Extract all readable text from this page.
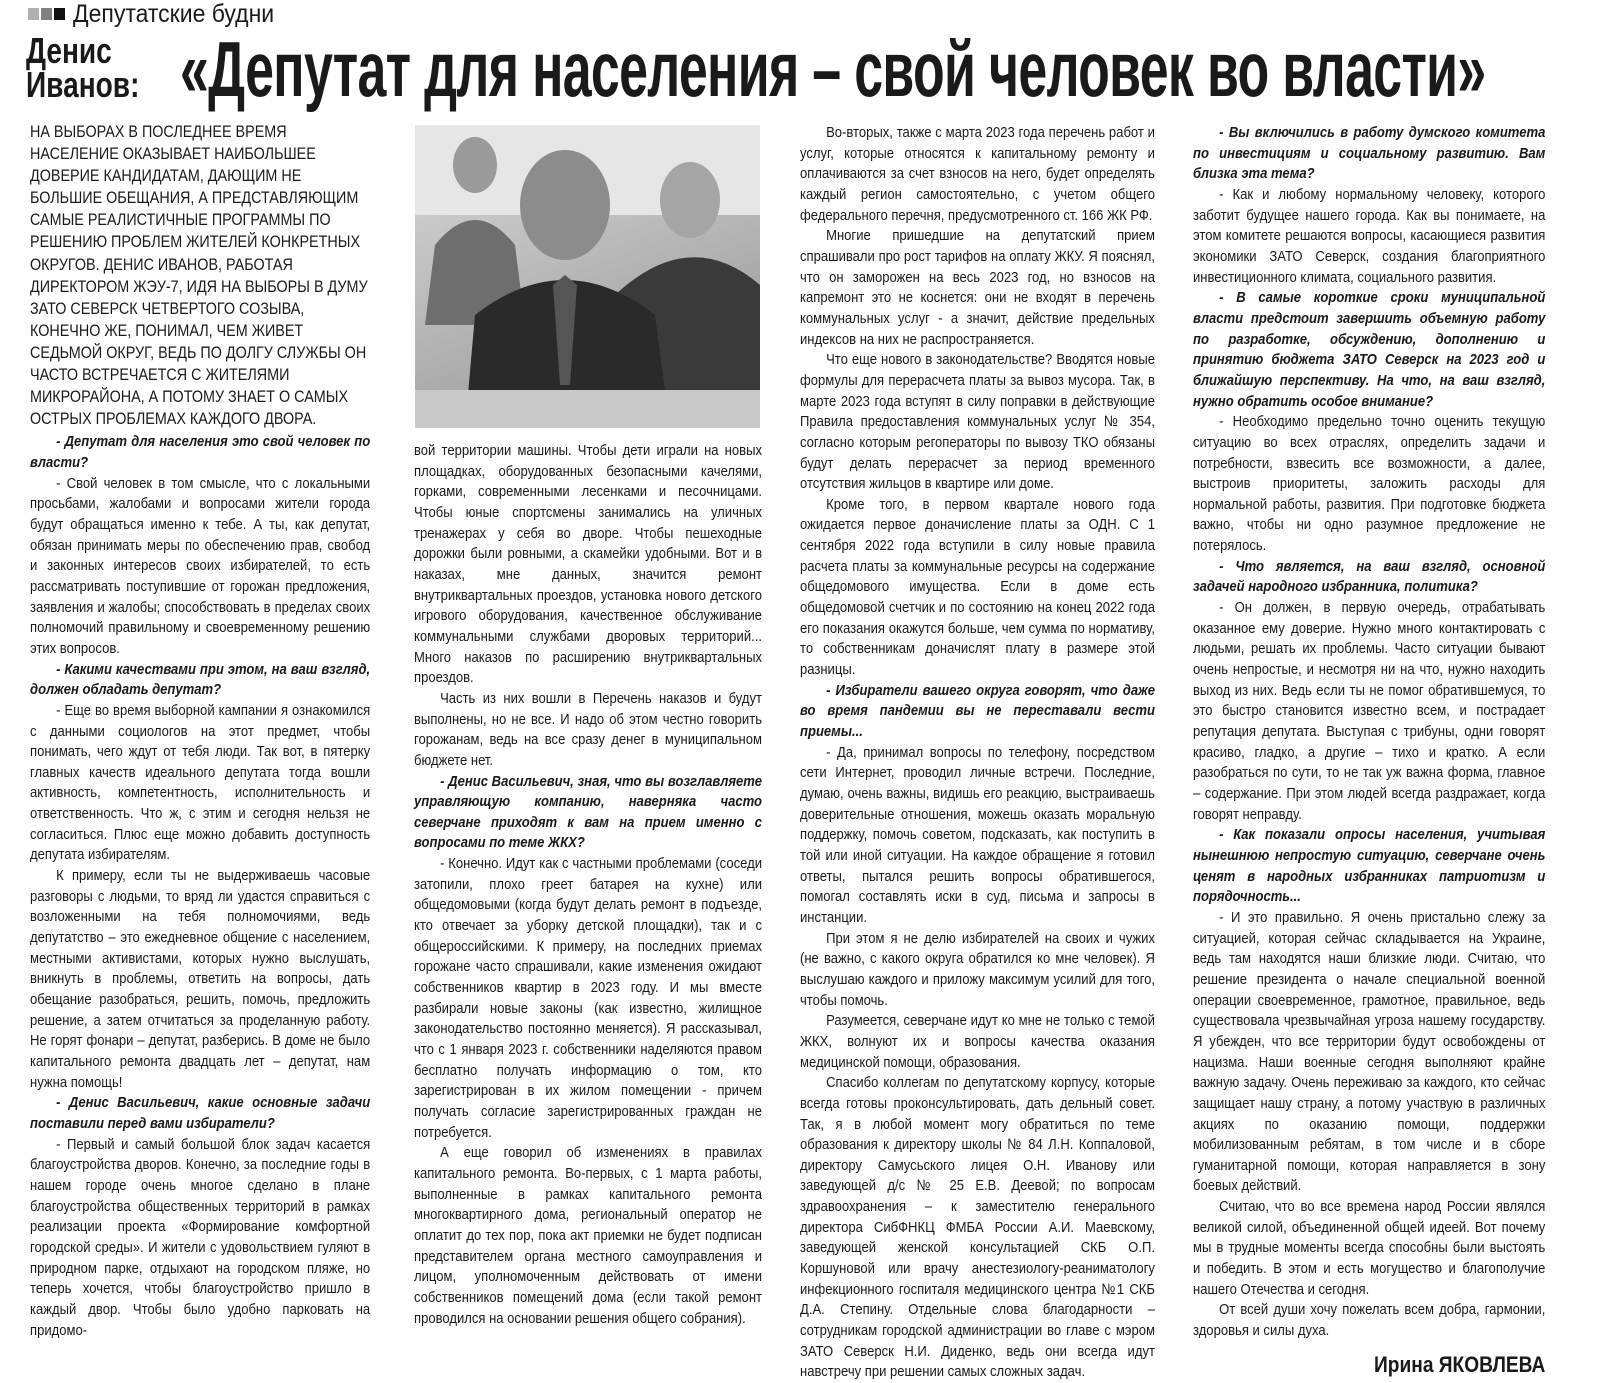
Депутатские будни
Денис
Иванов: «Депутат для населения – свой человек во власти»
НА ВЫБОРАХ В ПОСЛЕДНЕЕ ВРЕМЯ НАСЕЛЕНИЕ ОКАЗЫВАЕТ НАИБОЛЬШЕЕ ДОВЕРИЕ КАНДИДАТАМ, ДАЮЩИМ НЕ БОЛЬШИЕ ОБЕЩАНИЯ, А ПРЕДСТАВЛЯЮЩИМ САМЫЕ РЕАЛИСТИЧНЫЕ ПРОГРАММЫ ПО РЕШЕНИЮ ПРОБЛЕМ ЖИТЕЛЕЙ КОНКРЕТНЫХ ОКРУГОВ. ДЕНИС ИВАНОВ, РАБОТАЯ ДИРЕКТОРОМ ЖЭУ-7, ИДЯ НА ВЫБОРЫ В ДУМУ ЗАТО СЕВЕРСК ЧЕТВЕРТОГО СОЗЫВА, КОНЕЧНО ЖЕ, ПОНИМАЛ, ЧЕМ ЖИВЕТ СЕДЬМОЙ ОКРУГ, ВЕДЬ ПО ДОЛГУ СЛУЖБЫ ОН ЧАСТО ВСТРЕЧАЕТСЯ С ЖИТЕЛЯМИ МИКРОРАЙОНА, А ПОТОМУ ЗНАЕТ О САМЫХ ОСТРЫХ ПРОБЛЕМАХ КАЖДОГО ДВОРА.

- Депутат для населения это свой человек по власти?

- Свой человек в том смысле, что с локальными просьбами, жалобами и вопросами жители города будут обращаться именно к тебе. А ты, как депутат, обязан принимать меры по обеспечению прав, свобод и законных интересов своих избирателей, то есть рассматривать поступившие от горожан предложения, заявления и жалобы; способствовать в пределах своих полномочий правильному и своевременному решению этих вопросов.

- Какими качествами при этом, на ваш взгляд, должен обладать депутат?

- Еще во время выборной кампании я ознакомился с данными социологов на этот предмет, чтобы понимать, чего ждут от тебя люди. Так вот, в пятерку главных качеств идеального депутата тогда вошли активность, компетентность, исполнительность и ответственность. Что ж, с этим и сегодня нельзя не согласиться. Плюс еще можно добавить доступность депутата избирателям.

К примеру, если ты не выдерживаешь часовые разговоры с людьми, то вряд ли удастся справиться с возложенными на тебя полномочиями, ведь депутатство – это ежедневное общение с населением, местными активистами, которых нужно выслушать, вникнуть в проблемы, ответить на вопросы, дать обещание разобраться, решить, помочь, предложить решение, а затем отчитаться за проделанную работу. Не горят фонари – депутат, разберись. В доме не было капитального ремонта двадцать лет – депутат, нам нужна помощь!

- Денис Васильевич, какие основные задачи поставили перед вами избиратели?

- Первый и самый большой блок задач касается благоустройства дворов. Конечно, за последние годы в нашем городе очень многое сделано в плане благоустройства общественных территорий в рамках реализации проекта «Формирование комфортной городской среды». И жители с удовольствием гуляют в природном парке, отдыхают на городском пляже, но теперь хочется, чтобы благоустройство пришло в каждый двор. Чтобы было удобно парковать на придомо-

вой территории машины. Чтобы дети играли на новых площадках, оборудованных безопасными качелями, горками, современными лесенками и песочницами. Чтобы юные спортсмены занимались на уличных тренажерах у себя во дворе. Чтобы пешеходные дорожки были ровными, а скамейки удобными. Вот и в наказах, мне данных, значится ремонт внутриквартальных проездов, установка нового детского игрового оборудования, качественное обслуживание коммунальными службами дворовых территорий... Много наказов по расширению внутриквартальных проездов.

Часть из них вошли в Перечень наказов и будут выполнены, но не все. И надо об этом честно говорить горожанам, ведь на все сразу денег в муниципальном бюджете нет.

- Денис Васильевич, зная, что вы возглавляете управляющую компанию, наверняка часто северчане приходят к вам на прием именно с вопросами по теме ЖКХ?

- Конечно. Идут как с частными проблемами (соседи затопили, плохо греет батарея на кухне) или общедомовыми (когда будут делать ремонт в подъезде, кто отвечает за уборку детской площадки), так и с общероссийскими. К примеру, на последних приемах горожане часто спрашивали, какие изменения ожидают собственников квартир в 2023 году. И мы вместе разбирали новые законы (как известно, жилищное законодательство постоянно меняется). Я рассказывал, что с 1 января 2023 г. собственники наделяются правом бесплатно получать информацию о том, кто зарегистрирован в их жилом помещении - причем получать согласие зарегистрированных граждан не потребуется.

А еще говорил об изменениях в правилах капитального ремонта. Во-первых, с 1 марта работы, выполненные в рамках капитального ремонта многоквартирного дома, региональный оператор не оплатит до тех пор, пока акт приемки не будет подписан представителем органа местного самоуправления и лицом, уполномоченным действовать от имени собственников помещений дома (если такой ремонт проводился на основании решения общего собрания).

Во-вторых, также с марта 2023 года перечень работ и услуг, которые относятся к капитальному ремонту и оплачиваются за счет взносов на него, будет определять каждый регион самостоятельно, с учетом общего федерального перечня, предусмотренного ст. 166 ЖК РФ.

Многие пришедшие на депутатский прием спрашивали про рост тарифов на оплату ЖКУ. Я пояснял, что он заморожен на весь 2023 год, но взносов на капремонт это не коснется: они не входят в перечень коммунальных услуг - а значит, действие предельных индексов на них не распространяется.

Что еще нового в законодательстве? Вводятся новые формулы для перерасчета платы за вывоз мусора. Так, в марте 2023 года вступят в силу поправки в действующие Правила предоставления коммунальных услуг № 354, согласно которым регоператоры по вывозу ТКО обязаны будут делать перерасчет за период временного отсутствия жильцов в квартире или доме.

Кроме того, в первом квартале нового года ожидается первое доначисление платы за ОДН. С 1 сентября 2022 года вступили в силу новые правила расчета платы за коммунальные ресурсы на содержание общедомового имущества. Если в доме есть общедомовой счетчик и по состоянию на конец 2022 года его показания окажутся больше, чем сумма по нормативу, то собственникам доначислят плату в размере этой разницы.

- Избиратели вашего округа говорят, что даже во время пандемии вы не переставали вести приемы...

- Да, принимал вопросы по телефону, посредством сети Интернет, проводил личные встречи. Последние, думаю, очень важны, видишь его реакцию, выстраиваешь доверительные отношения, можешь оказать моральную поддержку, помочь советом, подсказать, как поступить в той или иной ситуации. На каждое обращение я готовил ответы, пытался решить вопросы обратившегося, помогал составлять иски в суд, письма и запросы в инстанции.

При этом я не делю избирателей на своих и чужих (не важно, с какого округа обратился ко мне человек). Я выслушаю каждого и приложу максимум усилий для того, чтобы помочь.

Разумеется, северчане идут ко мне не только с темой ЖКХ, волнуют их и вопросы качества оказания медицинской помощи, образования.

Спасибо коллегам по депутатскому корпусу, которые всегда готовы проконсультировать, дать дельный совет. Так, я в любой момент могу обратиться по теме образования к директору школы № 84 Л.Н. Коппаловой, директору Самусьского лицея О.Н. Иванову или заведующей д/с № 25 Е.В. Деевой; по вопросам здравоохранения – к заместителю генерального директора СибФНКЦ ФМБА России А.И. Маевскому, заведующей женской консультацией СКБ О.П. Коршуновой или врачу анестезиологу-реаниматологу инфекционного госпиталя медицинского центра №1 СКБ Д.А. Степину. Отдельные слова благодарности – сотрудникам городской администрации во главе с мэром ЗАТО Северск Н.И. Диденко, ведь они всегда идут навстречу при решении самых сложных задач.

- Вы включились в работу думского комитета по инвестициям и социальному развитию. Вам близка эта тема?

- Как и любому нормальному человеку, которого заботит будущее нашего города. Как вы понимаете, на этом комитете решаются вопросы, касающиеся развития экономики ЗАТО Северск, создания благоприятного инвестиционного климата, социального развития.

- В самые короткие сроки муниципальной власти предстоит завершить объемную работу по разработке, обсуждению, дополнению и принятию бюджета ЗАТО Северск на 2023 год и ближайшую перспективу. На что, на ваш взгляд, нужно обратить особое внимание?

- Необходимо предельно точно оценить текущую ситуацию во всех отраслях, определить задачи и потребности, взвесить все возможности, а далее, выстроив приоритеты, заложить расходы для нормальной работы, развития. При подготовке бюджета важно, чтобы ни одно разумное предложение не потерялось.

- Что является, на ваш взгляд, основной задачей народного избранника, политика?

- Он должен, в первую очередь, отрабатывать оказанное ему доверие. Нужно много контактировать с людьми, решать их проблемы. Часто ситуации бывают очень непростые, и несмотря ни на что, нужно находить выход из них. Ведь если ты не помог обратившемуся, то это быстро становится известно всем, и пострадает репутация депутата. Выступая с трибуны, одни говорят красиво, гладко, а другие – тихо и кратко. А если разобраться по сути, то не так уж важна форма, главное – содержание. При этом людей всегда раздражает, когда говорят неправду.

- Как показали опросы населения, учитывая нынешнюю непростую ситуацию, северчане очень ценят в народных избранниках патриотизм и порядочность...

- И это правильно. Я очень пристально слежу за ситуацией, которая сейчас складывается на Украине, ведь там находятся наши близкие люди. Считаю, что решение президента о начале специальной военной операции своевременное, грамотное, правильное, ведь существовала чрезвычайная угроза нашему государству. Я убежден, что все территории будут освобождены от нацизма. Наши военные сегодня выполняют крайне важную задачу. Очень переживаю за каждого, кто сейчас защищает нашу страну, а потому участвую в различных акциях по оказанию помощи, поддержки мобилизованным ребятам, в том числе и в сборе гуманитарной помощи, которая направляется в зону боевых действий.

Считаю, что во все времена народ России являлся великой силой, объединенной общей идеей. Вот почему мы в трудные моменты всегда способны были выстоять и победить. В этом и есть могущество и благополучие нашего Отечества и сегодня.

От всей души хочу пожелать всем добра, гармонии, здоровья и силы духа.

Ирина ЯКОВЛЕВА
